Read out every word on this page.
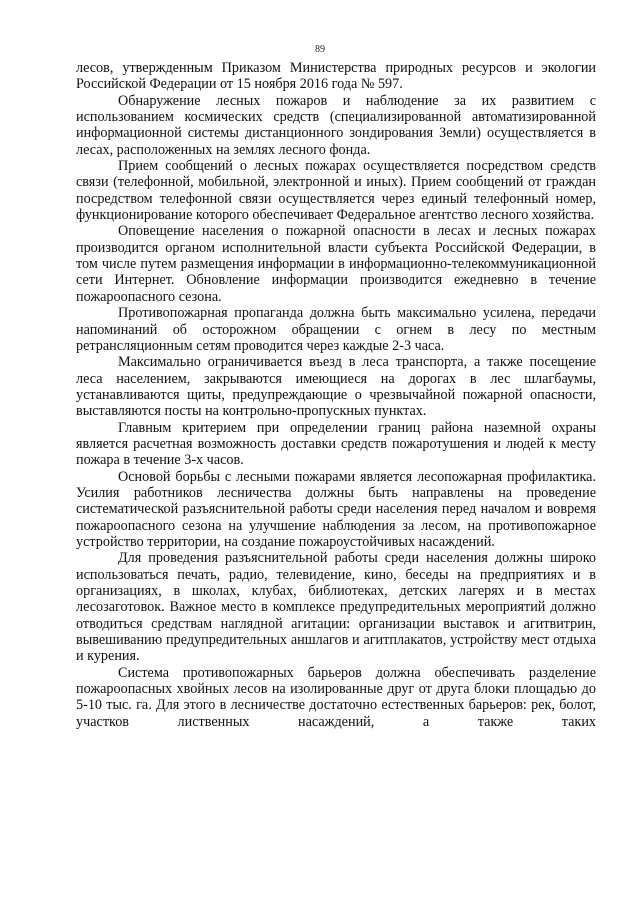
89

лесов, утвержденным Приказом Министерства природных ресурсов и экологии Российской Федерации от 15 ноября 2016 года № 597.

Обнаружение лесных пожаров и наблюдение за их развитием с использованием космических средств (специализированной автоматизированной информационной системы дистанционного зондирования Земли) осуществляется в лесах, расположенных на землях лесного фонда.

Прием сообщений о лесных пожарах осуществляется посредством средств связи (телефонной, мобильной, электронной и иных). Прием сообщений от граждан посредством телефонной связи осуществляется через единый телефонный номер, функционирование которого обеспечивает Федеральное агентство лесного хозяйства.

Оповещение населения о пожарной опасности в лесах и лесных пожарах производится органом исполнительной власти субъекта Российской Федерации, в том числе путем размещения информации в информационно-телекоммуникационной сети Интернет. Обновление информации производится ежедневно в течение пожароопасного сезона.

Противопожарная пропаганда должна быть максимально усилена, передачи напоминаний об осторожном обращении с огнем в лесу по местным ретрансляционным сетям проводится через каждые 2-3 часа.

Максимально ограничивается въезд в леса транспорта, а также посещение леса населением, закрываются имеющиеся на дорогах в лес шлагбаумы, устанавливаются щиты, предупреждающие о чрезвычайной пожарной опасности, выставляются посты на контрольно-пропускных пунктах.

Главным критерием при определении границ района наземной охраны является расчетная возможность доставки средств пожаротушения и людей к месту пожара в течение 3-х часов.

Основой борьбы с лесными пожарами является лесопожарная профилактика. Усилия работников лесничества должны быть направлены на проведение систематической разъяснительной работы среди населения перед началом и вовремя пожароопасного сезона на улучшение наблюдения за лесом, на противопожарное устройство территории, на создание пожароустойчивых насаждений.

Для проведения разъяснительной работы среди населения должны широко использоваться печать, радио, телевидение, кино, беседы на предприятиях и в организациях, в школах, клубах, библиотеках, детских лагерях и в местах лесозаготовок. Важное место в комплексе предупредительных мероприятий должно отводиться средствам наглядной агитации: организации выставок и агитвитрин, вывешиванию предупредительных аншлагов и агитплакатов, устройству мест отдыха и курения.

Система противопожарных барьеров должна обеспечивать разделение пожароопасных хвойных лесов на изолированные друг от друга блоки площадью до 5-10 тыс. га. Для этого в лесничестве достаточно естественных барьеров: рек, болот, участков лиственных насаждений, а также таких
